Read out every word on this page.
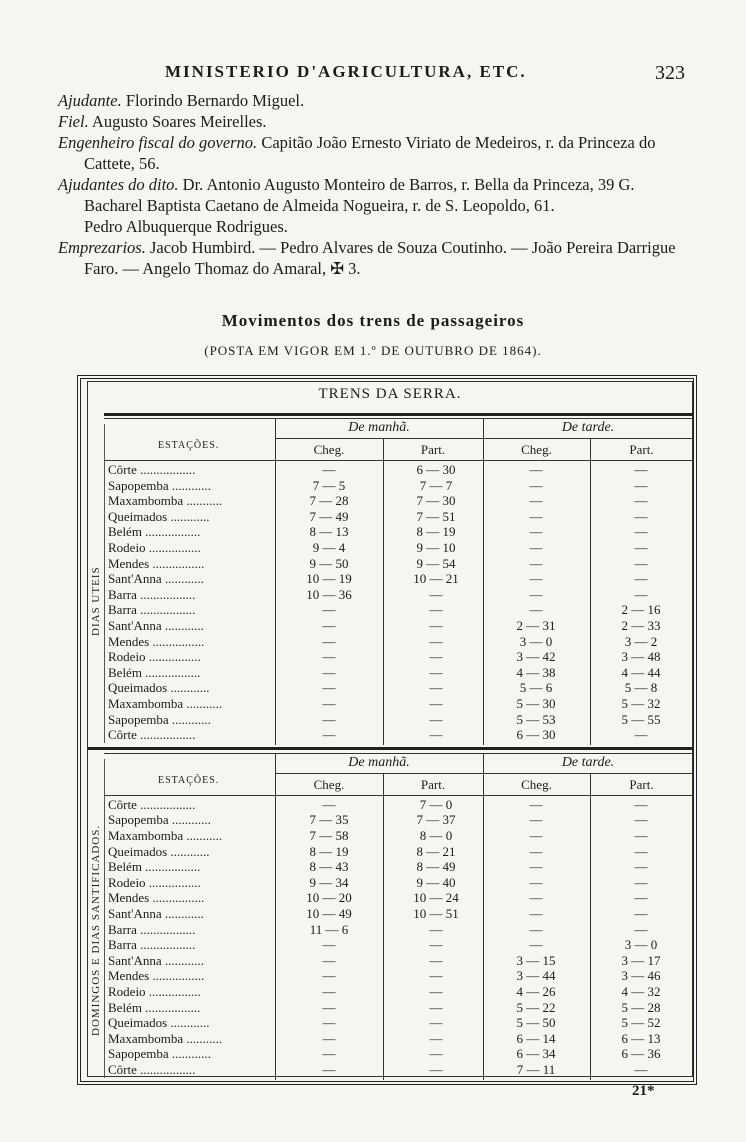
MINISTERIO D'AGRICULTURA, ETC.	323
Ajudante. Florindo Bernardo Miguel.
Fiel. Augusto Soares Meirelles.
Engenheiro fiscal do governo. Capitão João Ernesto Viriato de Medeiros, r. da Princeza do Cattete, 56.
Ajudantes do dito. Dr. Antonio Augusto Monteiro de Barros, r. Bella da Princeza, 39 G.
Bacharel Baptista Caetano de Almeida Nogueira, r. de S. Leopoldo, 61.
Pedro Albuquerque Rodrigues.
Emprezarios. Jacob Humbird. — Pedro Alvares de Souza Coutinho. — João Pereira Darrigue Faro. — Angelo Thomaz do Amaral, ✠ 3.
Movimentos dos trens de passageiros
(POSTA EM VIGOR EM 1.º DE OUTUBRO DE 1864).
TRENS DA SERRA.
ESTAÇÕES.
De manhã.	De tarde.
Cheg.	Part.	Cheg.	Part.
DIAS UTEIS
Côrte .................	—	6 — 30	—	—
Sapopemba ............	7 — 5	7 — 7	—	—
Maxambomba ...........	7 — 28	7 — 30	—	—
Queimados ............	7 — 49	7 — 51	—	—
Belém .................	8 — 13	8 — 19	—	—
Rodeio ................	9 — 4	9 — 10	—	—
Mendes ................	9 — 50	9 — 54	—	—
Sant'Anna ............	10 — 19	10 — 21	—	—
Barra .................	10 — 36	—	—	—
Barra .................	—	—	—	2 — 16
Sant'Anna ............	—	—	2 — 31	2 — 33
Mendes ................	—	—	3 — 0	3 — 2
Rodeio ................	—	—	3 — 42	3 — 48
Belém .................	—	—	4 — 38	4 — 44
Queimados ............	—	—	5 — 6	5 — 8
Maxambomba ...........	—	—	5 — 30	5 — 32
Sapopemba ............	—	—	5 — 53	5 — 55
Côrte .................	—	—	6 — 30	—
ESTAÇÕES.
De manhã.	De tarde.
Cheg.	Part.	Cheg.	Part.
DOMINGOS E DIAS SANTIFICADOS.
Côrte .................	—	7 — 0	—	—
Sapopemba ............	7 — 35	7 — 37	—	—
Maxambomba ...........	7 — 58	8 — 0	—	—
Queimados ............	8 — 19	8 — 21	—	—
Belém .................	8 — 43	8 — 49	—	—
Rodeio ................	9 — 34	9 — 40	—	—
Mendes ................	10 — 20	10 — 24	—	—
Sant'Anna ............	10 — 49	10 — 51	—	—
Barra .................	11 — 6	—	—	—
Barra .................	—	—	—	3 — 0
Sant'Anna ............	—	—	3 — 15	3 — 17
Mendes ................	—	—	3 — 44	3 — 46
Rodeio ................	—	—	4 — 26	4 — 32
Belém .................	—	—	5 — 22	5 — 28
Queimados ............	—	—	5 — 50	5 — 52
Maxambomba ...........	—	—	6 — 14	6 — 13
Sapopemba ............	—	—	6 — 34	6 — 36
Côrte .................	—	—	7 — 11	—
21*
